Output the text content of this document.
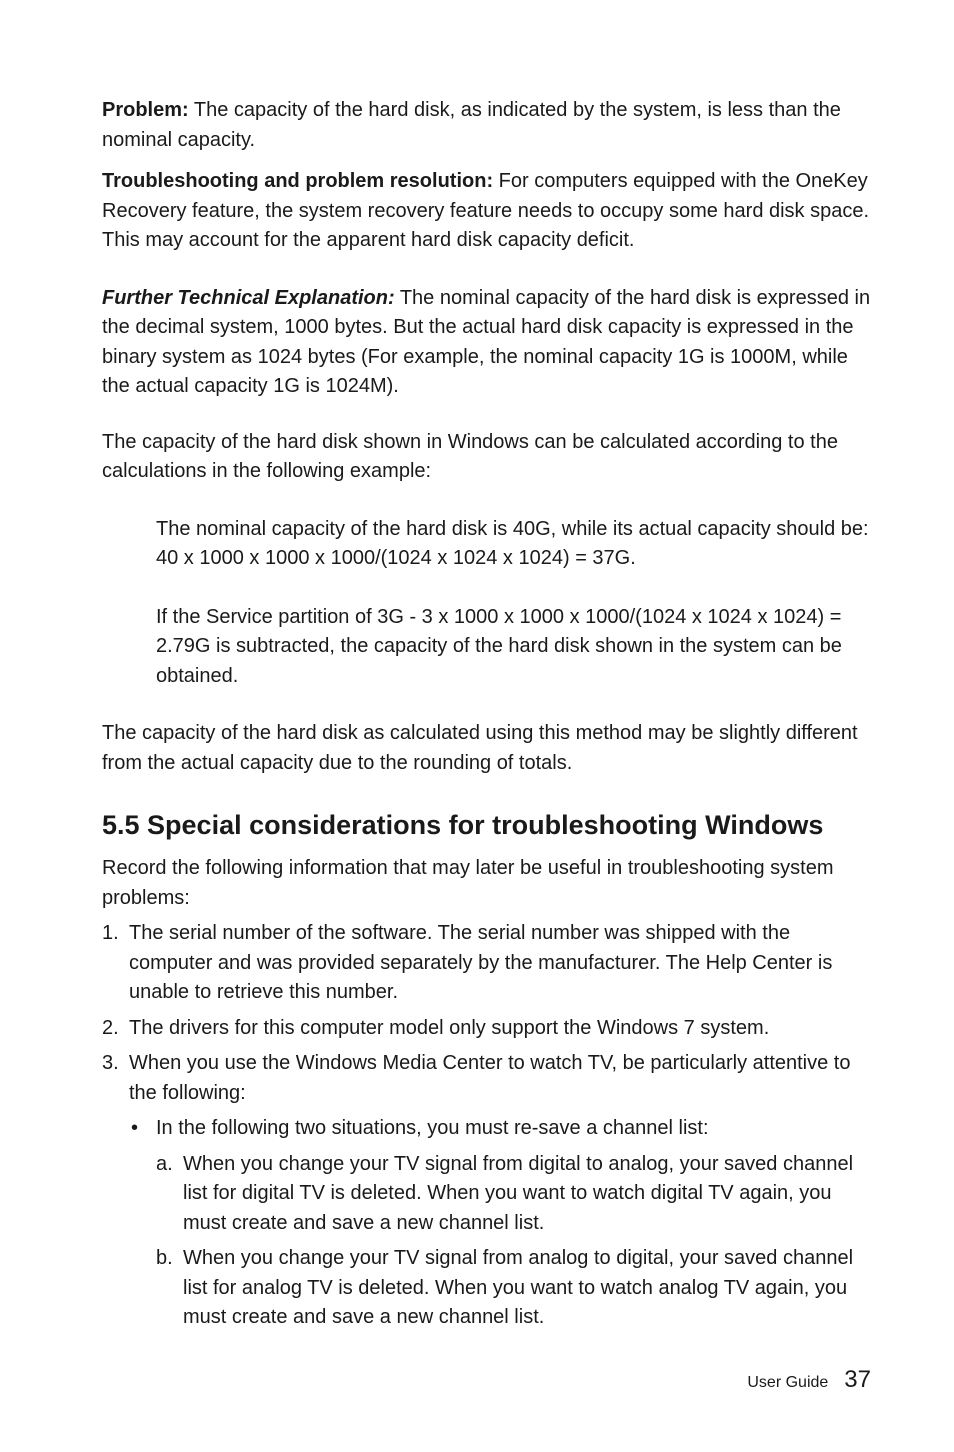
Problem: The capacity of the hard disk, as indicated by the system, is less than the nominal capacity.

Troubleshooting and problem resolution: For computers equipped with the OneKey Recovery feature, the system recovery feature needs to occupy some hard disk space. This may account for the apparent hard disk capacity deficit.

Further Technical Explanation: The nominal capacity of the hard disk is expressed in the decimal system, 1000 bytes. But the actual hard disk capacity is expressed in the binary system as 1024 bytes (For example, the nominal capacity 1G is 1000M, while the actual capacity 1G is 1024M).

The capacity of the hard disk shown in Windows can be calculated according to the calculations in the following example:

The nominal capacity of the hard disk is 40G, while its actual capacity should be: 40 x 1000 x 1000 x 1000/(1024 x 1024 x 1024) = 37G.

If the Service partition of 3G - 3 x 1000 x 1000 x 1000/(1024 x 1024 x 1024) = 2.79G is subtracted, the capacity of the hard disk shown in the system can be obtained.

The capacity of the hard disk as calculated using this method may be slightly different from the actual capacity due to the rounding of totals.

5.5 Special considerations for troubleshooting Windows

Record the following information that may later be useful in troubleshooting system problems:

1. The serial number of the software. The serial number was shipped with the computer and was provided separately by the manufacturer. The Help Center is unable to retrieve this number.
2. The drivers for this computer model only support the Windows 7 system.
3. When you use the Windows Media Center to watch TV, be particularly attentive to the following:
• In the following two situations, you must re-save a channel list:
a. When you change your TV signal from digital to analog, your saved channel list for digital TV is deleted. When you want to watch digital TV again, you must create and save a new channel list.
b. When you change your TV signal from analog to digital, your saved channel list for analog TV is deleted. When you want to watch analog TV again, you must create and save a new channel list.
User Guide 37
